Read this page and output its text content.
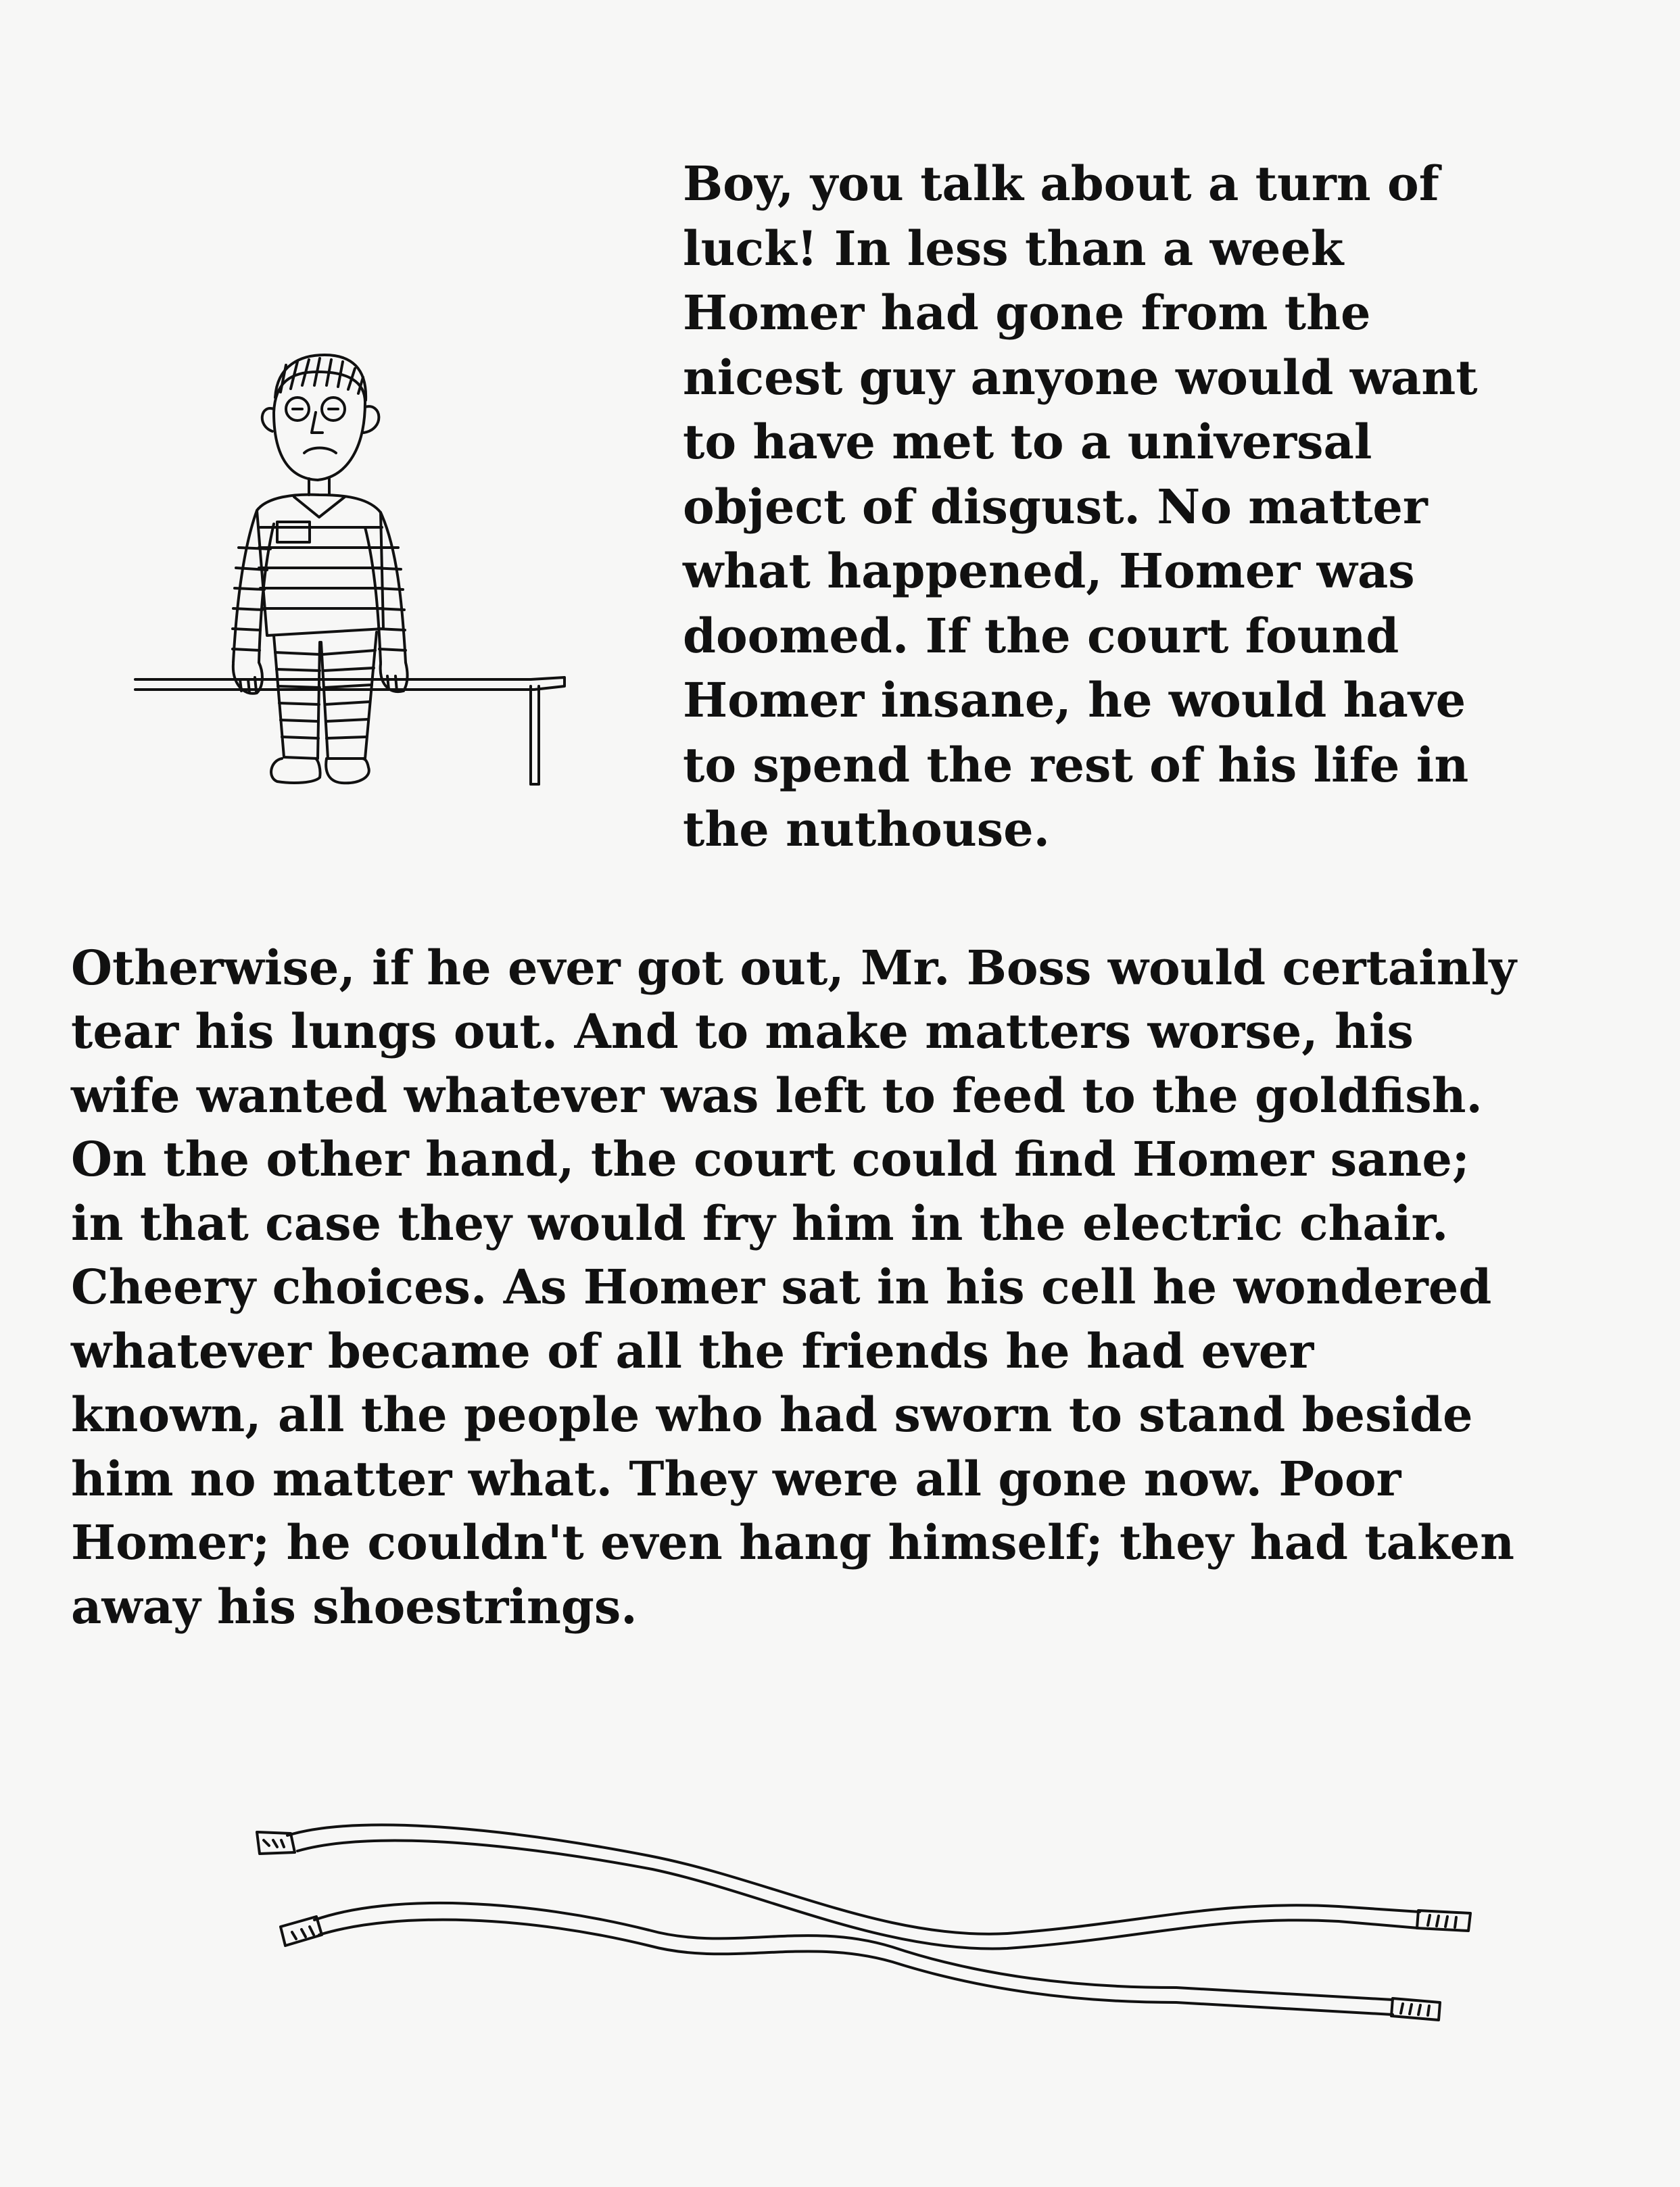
Boy, you talk about a turn of
luck! In less than a week
Homer had gone from the
nicest guy anyone would want
to have met to a universal
object of disgust. No matter
what happened, Homer was
doomed. If the court found
Homer insane, he would have
to spend the rest of his life in
the nuthouse.
Otherwise, if he ever got out, Mr. Boss would certainly
tear his lungs out. And to make matters worse, his
wife wanted whatever was left to feed to the goldfish.
On the other hand, the court could find Homer sane;
in that case they would fry him in the electric chair.
Cheery choices. As Homer sat in his cell he wondered
whatever became of all the friends he had ever
known, all the people who had sworn to stand beside
him no matter what. They were all gone now. Poor
Homer; he couldn't even hang himself; they had taken
away his shoestrings.
